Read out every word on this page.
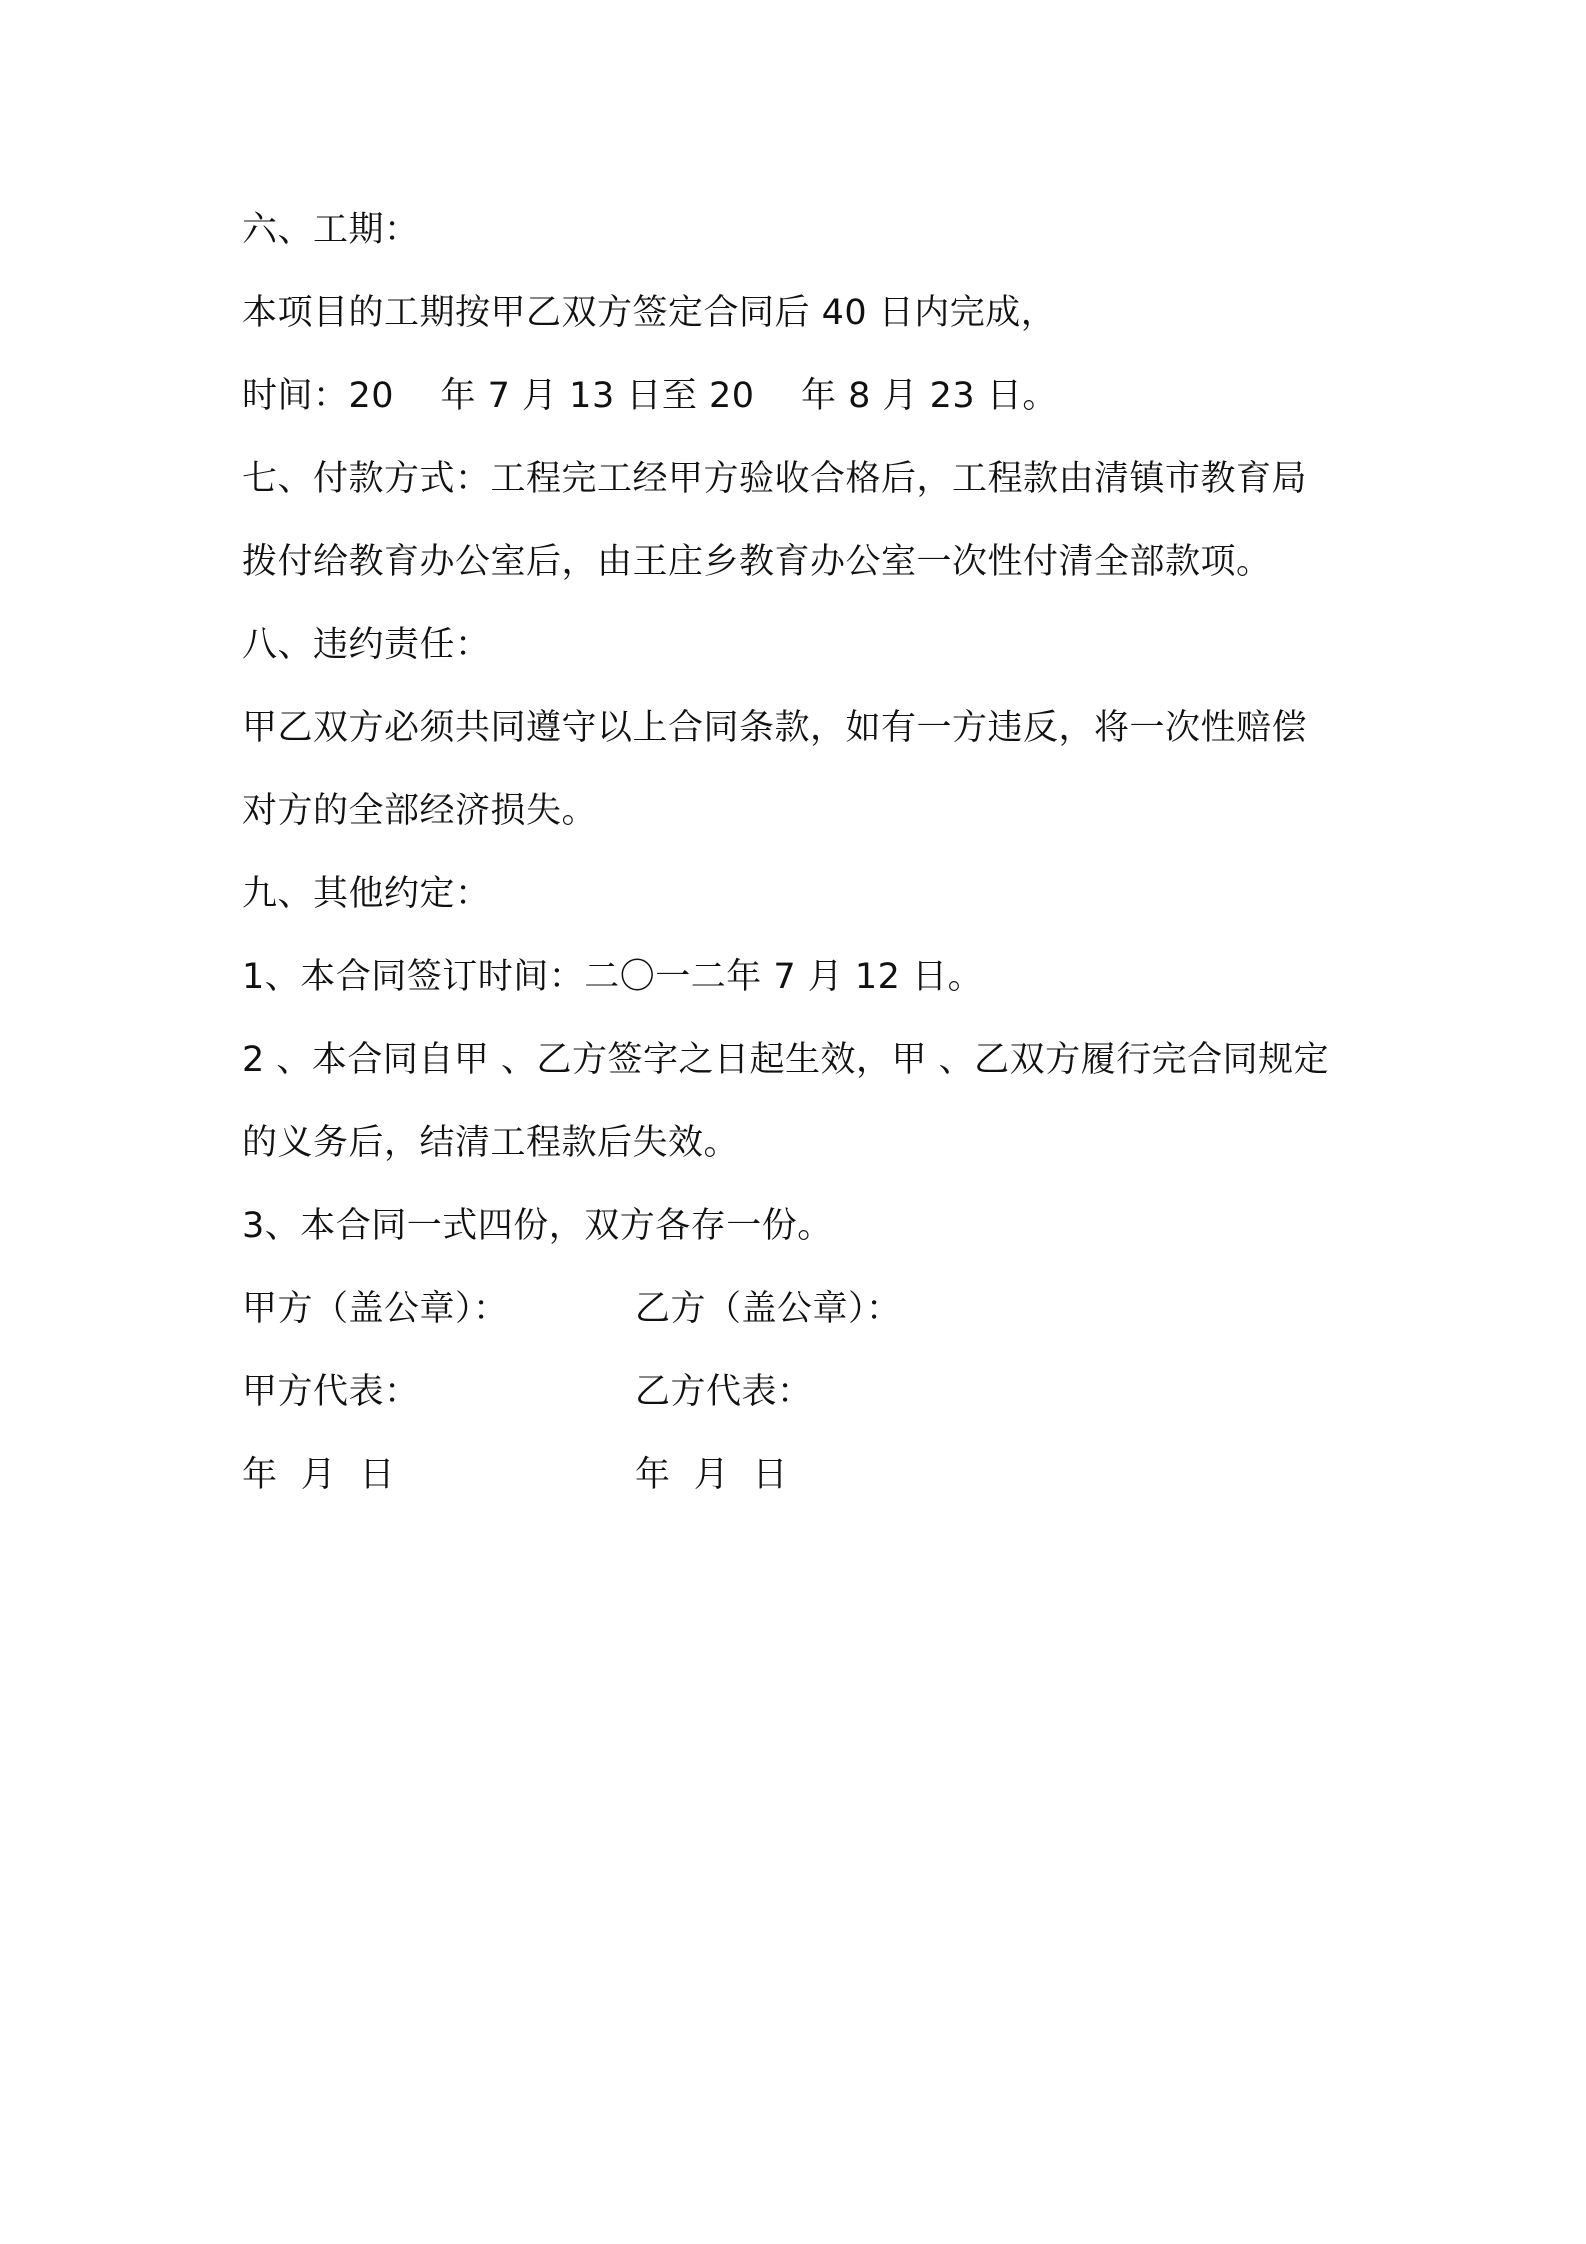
六、工期：
本项目的工期按甲乙双方签定合同后 40 日内完成，
时间：20    年 7 月 13 日至 20    年 8 月 23 日。
七、付款方式：工程完工经甲方验收合格后，工程款由清镇市教育局
拨付给教育办公室后，由王庄乡教育办公室一次性付清全部款项。
八、违约责任：
甲乙双方必须共同遵守以上合同条款，如有一方违反，将一次性赔偿
对方的全部经济损失。
九、其他约定：
1、本合同签订时间：二〇一二年 7 月 12 日。
2 、本合同自甲 、乙方签字之日起生效，甲 、乙双方履行完合同规定
的义务后，结清工程款后失效。
3、本合同一式四份，双方各存一份。
甲方（盖公章）：	乙方（盖公章）：
甲方代表：	乙方代表：
年  月  日	年  月  日
